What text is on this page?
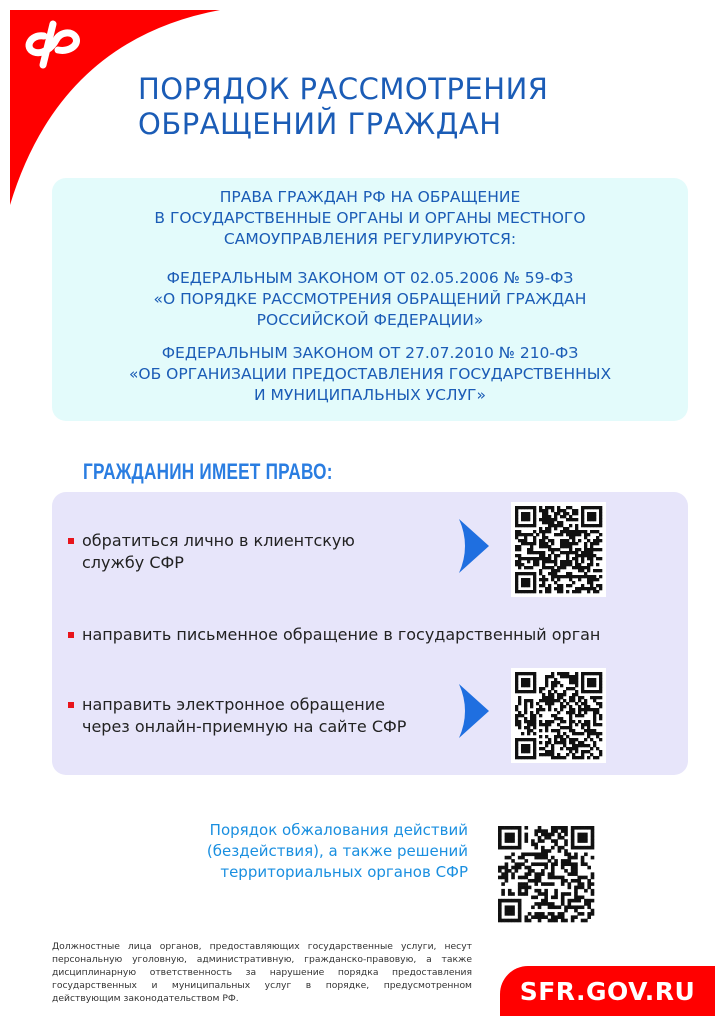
ПОРЯДОК РАССМОТРЕНИЯ
ОБРАЩЕНИЙ ГРАЖДАН

ПРАВА ГРАЖДАН РФ НА ОБРАЩЕНИЕ
В ГОСУДАРСТВЕННЫЕ ОРГАНЫ И ОРГАНЫ МЕСТНОГО
САМОУПРАВЛЕНИЯ РЕГУЛИРУЮТСЯ:

ФЕДЕРАЛЬНЫМ ЗАКОНОМ ОТ 02.05.2006 № 59-ФЗ
«О ПОРЯДКЕ РАССМОТРЕНИЯ ОБРАЩЕНИЙ ГРАЖДАН
РОССИЙСКОЙ ФЕДЕРАЦИИ»

ФЕДЕРАЛЬНЫМ ЗАКОНОМ ОТ 27.07.2010 № 210-ФЗ
«ОБ ОРГАНИЗАЦИИ ПРЕДОСТАВЛЕНИЯ ГОСУДАРСТВЕННЫХ
И МУНИЦИПАЛЬНЫХ УСЛУГ»

ГРАЖДАНИН ИМЕЕТ ПРАВО:
обратиться лично в клиентскую
службу СФР
направить письменное обращение в государственный орган
направить электронное обращение
через онлайн-приемную на сайте СФР
Порядок обжалования действий
(бездействия), а также решений
территориальных органов СФР
Должностные лица органов, предоставляющих государственные услуги, несут персональную уголовную, административную, гражданско-правовую, а также дисциплинарную ответственность за нарушение порядка предоставления государственных и муниципальных услуг в порядке, предусмотренном действующим законодательством РФ.	SFR.GOV.RU
